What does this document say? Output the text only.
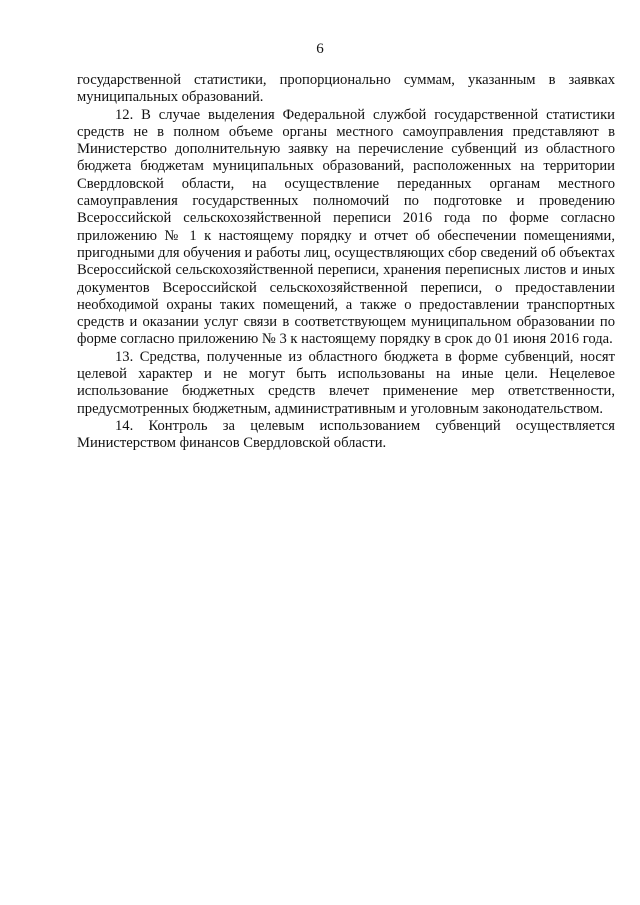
6

государственной статистики, пропорционально суммам, указанным в заявках муниципальных образований.

12. В случае выделения Федеральной службой государственной статистики средств не в полном объеме органы местного самоуправления представляют в Министерство дополнительную заявку на перечисление субвенций из областного бюджета бюджетам муниципальных образований, расположенных на территории Свердловской области, на осуществление переданных органам местного самоуправления государственных полномочий по подготовке и проведению Всероссийской сельскохозяйственной переписи 2016 года по форме согласно приложению № 1 к настоящему порядку и отчет об обеспечении помещениями, пригодными для обучения и работы лиц, осуществляющих сбор сведений об объектах Всероссийской сельскохозяйственной переписи, хранения переписных листов и иных документов Всероссийской сельскохозяйственной переписи, о предоставлении необходимой охраны таких помещений, а также о предоставлении транспортных средств и оказании услуг связи в соответствующем муниципальном образовании по форме согласно приложению № 3 к настоящему порядку в срок до 01 июня 2016 года.

13. Средства, полученные из областного бюджета в форме субвенций, носят целевой характер и не могут быть использованы на иные цели. Нецелевое использование бюджетных средств влечет применение мер ответственности, предусмотренных бюджетным, административным и уголовным законодательством.

14. Контроль за целевым использованием субвенций осуществляется Министерством финансов Свердловской области.
